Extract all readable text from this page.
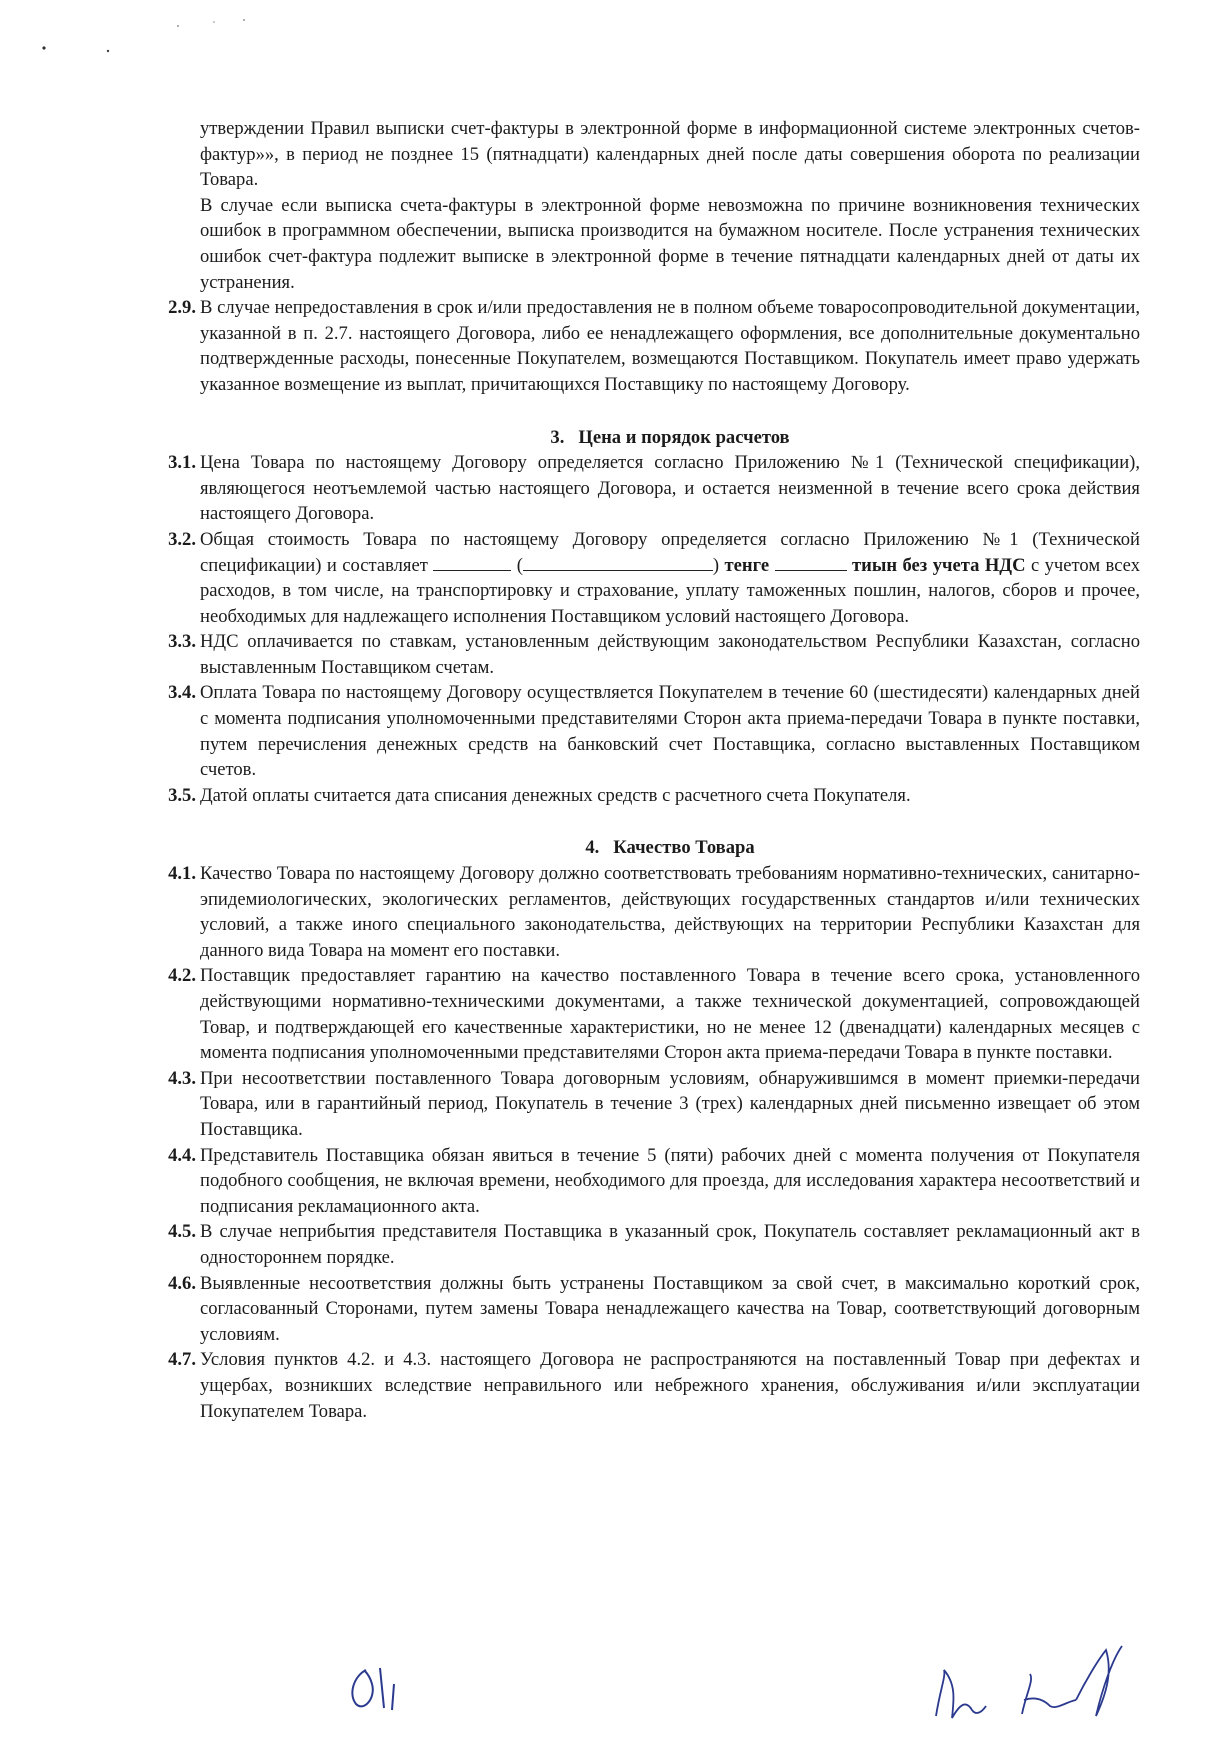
утверждении Правил выписки счет-фактуры в электронной форме в информационной системе электронных счетов-фактур»», в период не позднее 15 (пятнадцати) календарных дней после даты совершения оборота по реализации Товара.

В случае если выписка счета-фактуры в электронной форме невозможна по причине возникновения технических ошибок в программном обеспечении, выписка производится на бумажном носителе. После устранения технических ошибок счет-фактура подлежит выписке в электронной форме в течение пятнадцати календарных дней от даты их устранения.

2.9. В случае непредоставления в срок и/или предоставления не в полном объеме товаросопроводительной документации, указанной в п. 2.7. настоящего Договора, либо ее ненадлежащего оформления, все дополнительные документально подтвержденные расходы, понесенные Покупателем, возмещаются Поставщиком. Покупатель имеет право удержать указанное возмещение из выплат, причитающихся Поставщику по настоящему Договору.
3. Цена и порядок расчетов
3.1. Цена Товара по настоящему Договору определяется согласно Приложению №1 (Технической спецификации), являющегося неотъемлемой частью настоящего Договора, и остается неизменной в течение всего срока действия настоящего Договора.
3.2. Общая стоимость Товара по настоящему Договору определяется согласно Приложению №1 (Технической спецификации) и составляет	(	) тенге	тиын без учета НДС с учетом всех расходов, в том числе, на транспортировку и страхование, уплату таможенных пошлин, налогов, сборов и прочее, необходимых для надлежащего исполнения Поставщиком условий настоящего Договора.
3.3. НДС оплачивается по ставкам, установленным действующим законодательством Республики Казахстан, согласно выставленным Поставщиком счетам.
3.4. Оплата Товара по настоящему Договору осуществляется Покупателем в течение 60 (шестидесяти) календарных дней с момента подписания уполномоченными представителями Сторон акта приема-передачи Товара в пункте поставки, путем перечисления денежных средств на банковский счет Поставщика, согласно выставленных Поставщиком счетов.
3.5. Датой оплаты считается дата списания денежных средств с расчетного счета Покупателя.
4. Качество Товара
4.1. Качество Товара по настоящему Договору должно соответствовать требованиям нормативно-технических, санитарно-эпидемиологических, экологических регламентов, действующих государственных стандартов и/или технических условий, а также иного специального законодательства, действующих на территории Республики Казахстан для данного вида Товара на момент его поставки.
4.2. Поставщик предоставляет гарантию на качество поставленного Товара в течение всего срока, установленного действующими нормативно-техническими документами, а также технической документацией, сопровождающей Товар, и подтверждающей его качественные характеристики, но не менее 12 (двенадцати) календарных месяцев с момента подписания уполномоченными представителями Сторон акта приема-передачи Товара в пункте поставки.
4.3. При несоответствии поставленного Товара договорным условиям, обнаружившимся в момент приемки-передачи Товара, или в гарантийный период, Покупатель в течение 3 (трех) календарных дней письменно извещает об этом Поставщика.
4.4. Представитель Поставщика обязан явиться в течение 5 (пяти) рабочих дней с момента получения от Покупателя подобного сообщения, не включая времени, необходимого для проезда, для исследования характера несоответствий и подписания рекламационного акта.
4.5. В случае неприбытия представителя Поставщика в указанный срок, Покупатель составляет рекламационный акт в одностороннем порядке.
4.6. Выявленные несоответствия должны быть устранены Поставщиком за свой счет, в максимально короткий срок, согласованный Сторонами, путем замены Товара ненадлежащего качества на Товар, соответствующий договорным условиям.
4.7. Условия пунктов 4.2. и 4.3. настоящего Договора не распространяются на поставленный Товар при дефектах и ущербах, возникших вследствие неправильного или небрежного хранения, обслуживания и/или эксплуатации Покупателем Товара.
